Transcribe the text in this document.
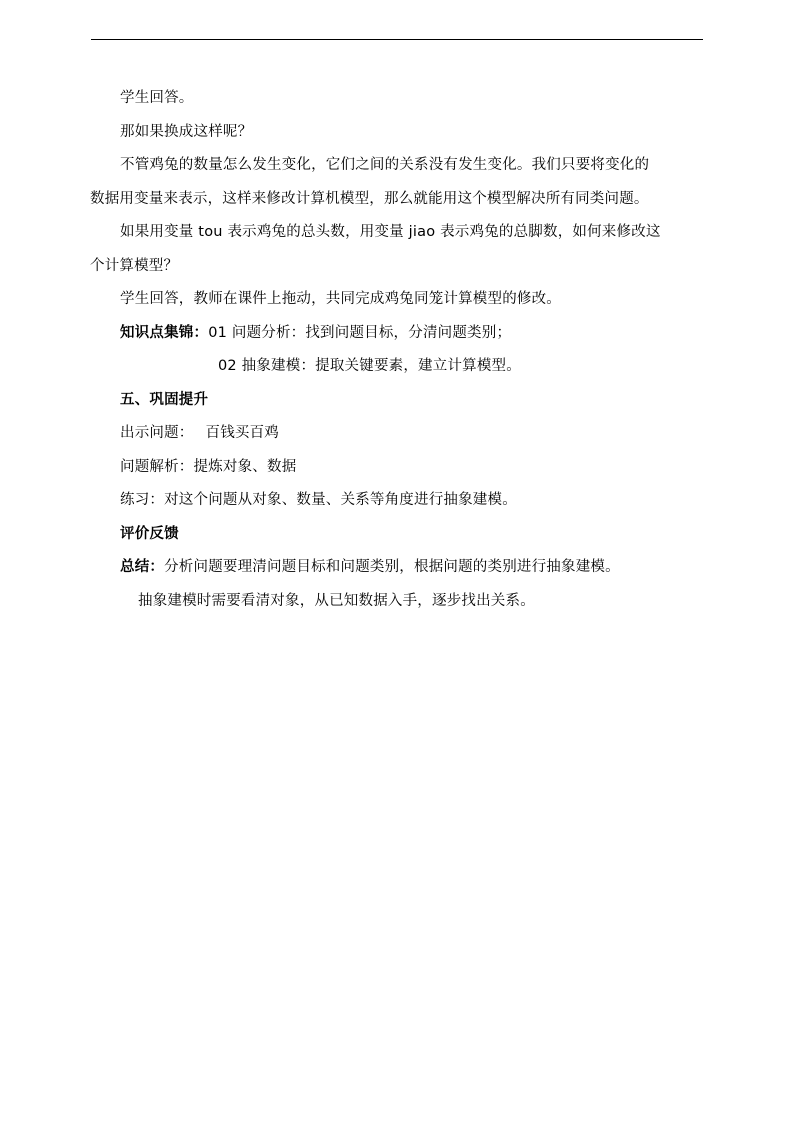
学生回答。
那如果换成这样呢？
不管鸡兔的数量怎么发生变化，它们之间的关系没有发生变化。我们只要将变化的
数据用变量来表示，这样来修改计算机模型，那么就能用这个模型解决所有同类问题。
如果用变量 tou 表示鸡兔的总头数，用变量 jiao 表示鸡兔的总脚数，如何来修改这
个计算模型？
学生回答，教师在课件上拖动，共同完成鸡兔同笼计算模型的修改。
知识点集锦：01 问题分析：找到问题目标，分清问题类别；
02 抽象建模：提取关键要素，建立计算模型。
五、巩固提升
出示问题： 百钱买百鸡
问题解析：提炼对象、数据
练习：对这个问题从对象、数量、关系等角度进行抽象建模。
评价反馈
总结：分析问题要理清问题目标和问题类别，根据问题的类别进行抽象建模。
抽象建模时需要看清对象，从已知数据入手，逐步找出关系。
